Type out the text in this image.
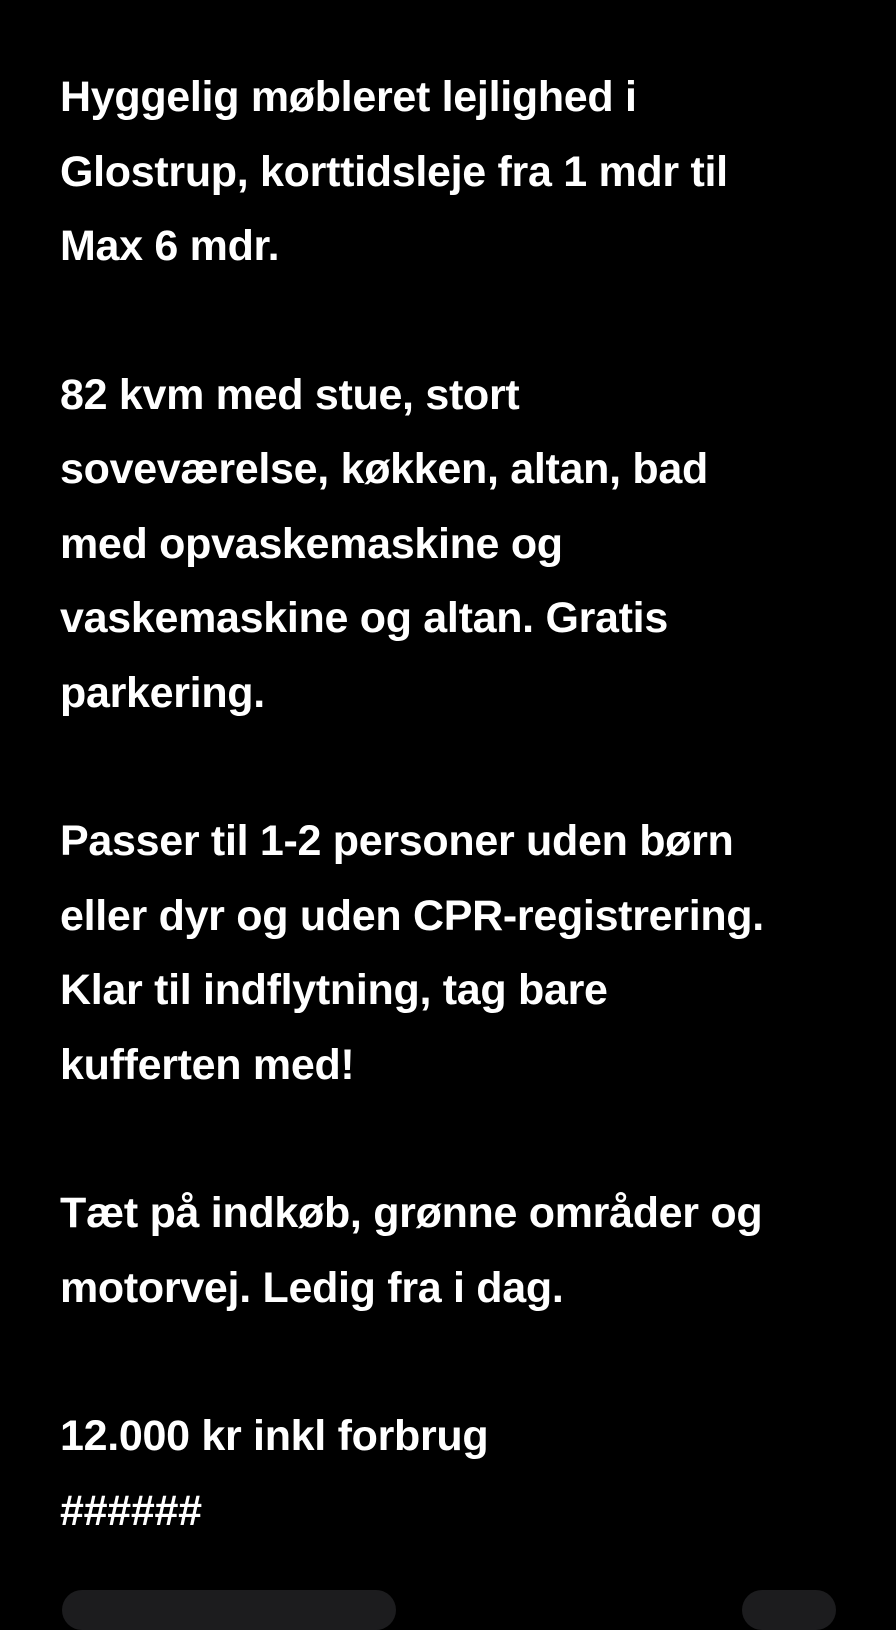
Hyggelig møbleret lejlighed i
Glostrup, korttidsleje fra 1 mdr til
Max 6 mdr.

82 kvm med stue, stort
soveværelse, køkken, altan, bad
med opvaskemaskine og
vaskemaskine og altan. Gratis
parkering.

Passer til 1-2 personer uden børn
eller dyr og uden CPR-registrering.
Klar til indflytning, tag bare
kufferten med!

Tæt på indkøb, grønne områder og
motorvej. Ledig fra i dag.

12.000 kr inkl forbrug
######
